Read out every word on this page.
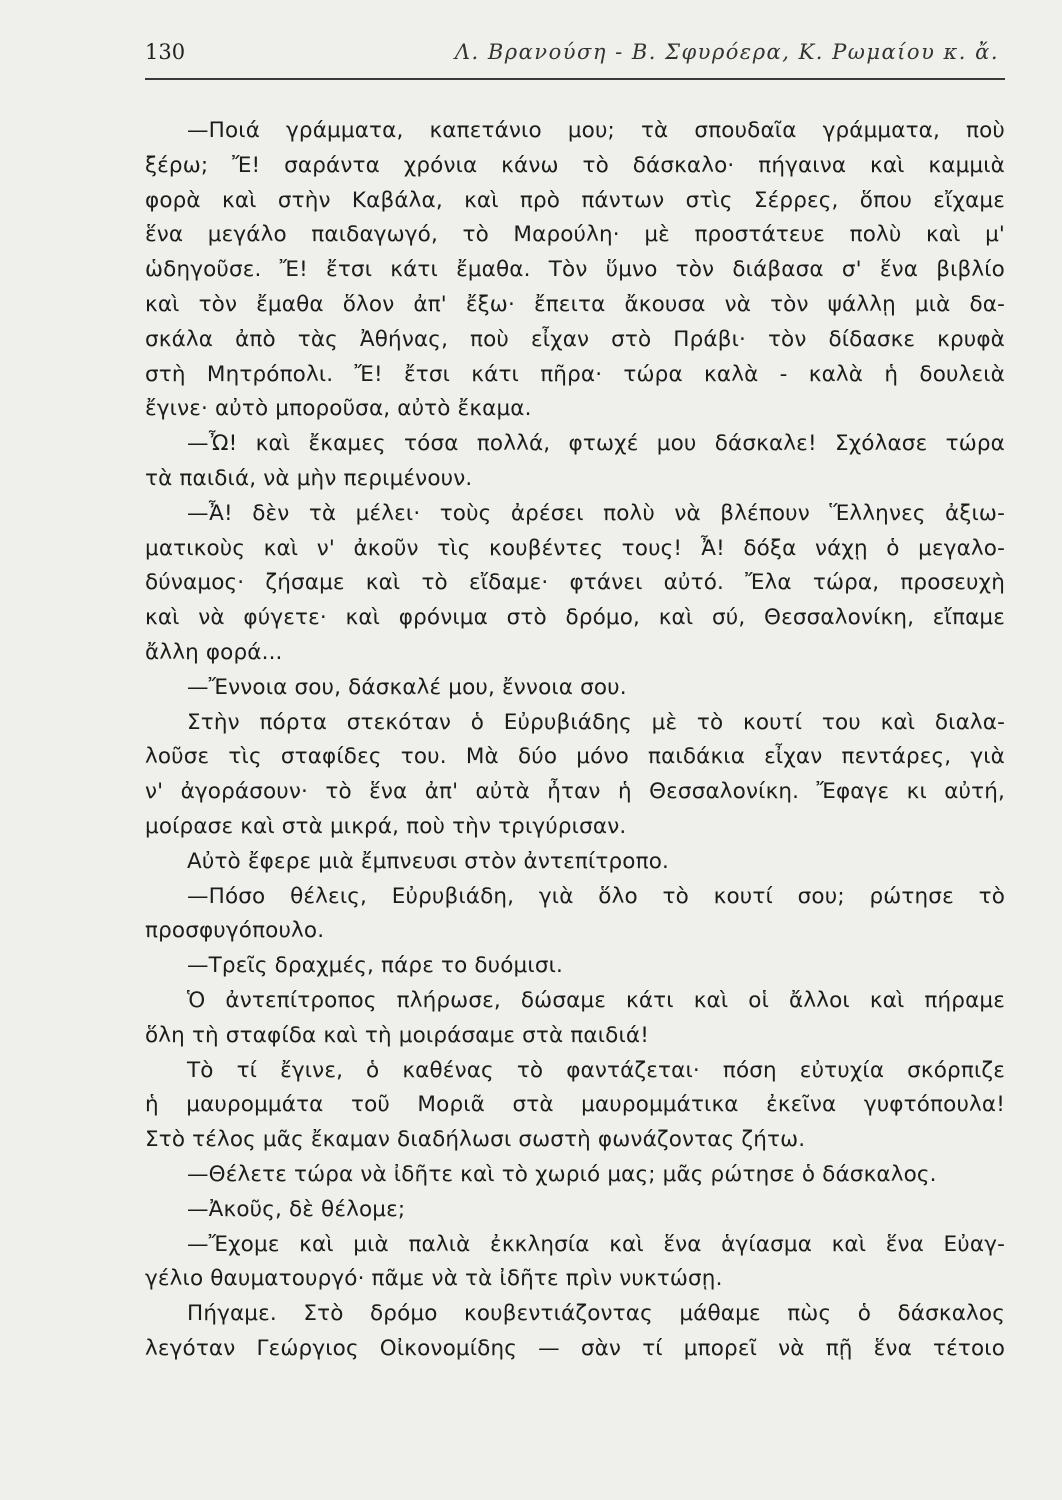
130	Λ. Βρανούση - Β. Σφυρόερα, Κ. Ρωμαίου κ. ἄ.
—Ποιά γράμματα, καπετάνιο μου; τὰ σπουδαῖα γράμματα, ποὺ
ξέρω; Ἔ! σαράντα χρόνια κάνω τὸ δάσκαλο· πήγαινα καὶ καμμιὰ
φορὰ καὶ στὴν Καβάλα, καὶ πρὸ πάντων στὶς Σέρρες, ὅπου εἴχαμε
ἕνα μεγάλο παιδαγωγό, τὸ Μαρούλη· μὲ προστάτευε πολὺ καὶ μ'
ὡδηγοῦσε. Ἔ! ἔτσι κάτι ἔμαθα. Τὸν ὕμνο τὸν διάβασα σ' ἕνα βιβλίο
καὶ τὸν ἔμαθα ὅλον ἀπ' ἔξω· ἔπειτα ἄκουσα νὰ τὸν ψάλλῃ μιὰ δα-
σκάλα ἀπὸ τὰς Ἀθήνας, ποὺ εἶχαν στὸ Πράβι· τὸν δίδασκε κρυφὰ
στὴ Μητρόπολι. Ἔ! ἔτσι κάτι πῆρα· τώρα καλὰ - καλὰ ἡ δουλειὰ
ἔγινε· αὐτὸ μποροῦσα, αὐτὸ ἔκαμα.
—Ὦ! καὶ ἔκαμες τόσα πολλά, φτωχέ μου δάσκαλε! Σχόλασε τώρα
τὰ παιδιά, νὰ μὴν περιμένουν.
—Ἆ! δὲν τὰ μέλει· τοὺς ἀρέσει πολὺ νὰ βλέπουν Ἕλληνες ἀξιω-
ματικοὺς καὶ ν' ἀκοῦν τὶς κουβέντες τους! Ἆ! δόξα νάχῃ ὁ μεγαλο-
δύναμος· ζήσαμε καὶ τὸ εἴδαμε· φτάνει αὐτό. Ἔλα τώρα, προσευχὴ
καὶ νὰ φύγετε· καὶ φρόνιμα στὸ δρόμο, καὶ σύ, Θεσσαλονίκη, εἴπαμε
ἄλλη φορά...
—Ἔννοια σου, δάσκαλέ μου, ἔννοια σου.
Στὴν πόρτα στεκόταν ὁ Εὐρυβιάδης μὲ τὸ κουτί του καὶ διαλα-
λοῦσε τὶς σταφίδες του. Μὰ δύο μόνο παιδάκια εἶχαν πεντάρες, γιὰ
ν' ἀγοράσουν· τὸ ἕνα ἀπ' αὐτὰ ἦταν ἡ Θεσσαλονίκη. Ἔφαγε κι αὐτή,
μοίρασε καὶ στὰ μικρά, ποὺ τὴν τριγύρισαν.
Αὐτὸ ἔφερε μιὰ ἔμπνευσι στὸν ἀντεπίτροπο.
—Πόσο θέλεις, Εὐρυβιάδη, γιὰ ὅλο τὸ κουτί σου; ρώτησε τὸ
προσφυγόπουλο.
—Τρεῖς δραχμές, πάρε το δυόμισι.
Ὁ ἀντεπίτροπος πλήρωσε, δώσαμε κάτι καὶ οἱ ἄλλοι καὶ πήραμε
ὅλη τὴ σταφίδα καὶ τὴ μοιράσαμε στὰ παιδιά!
Τὸ τί ἔγινε, ὁ καθένας τὸ φαντάζεται· πόση εὐτυχία σκόρπιζε
ἡ μαυρομμάτα τοῦ Μοριᾶ στὰ μαυρομμάτικα ἐκεῖνα γυφτόπουλα!
Στὸ τέλος μᾶς ἔκαμαν διαδήλωσι σωστὴ φωνάζοντας ζήτω.
—Θέλετε τώρα νὰ ἰδῆτε καὶ τὸ χωριό μας; μᾶς ρώτησε ὁ δάσκαλος.
—Ἀκοῦς, δὲ θέλομε;
—Ἔχομε καὶ μιὰ παλιὰ ἐκκλησία καὶ ἕνα ἁγίασμα καὶ ἕνα Εὐαγ-
γέλιο θαυματουργό· πᾶμε νὰ τὰ ἰδῆτε πρὶν νυκτώσῃ.
Πήγαμε. Στὸ δρόμο κουβεντιάζοντας μάθαμε πὼς ὁ δάσκαλος
λεγόταν Γεώργιος Οἰκονομίδης — σὰν τί μπορεῖ νὰ πῇ ἕνα τέτοιο
